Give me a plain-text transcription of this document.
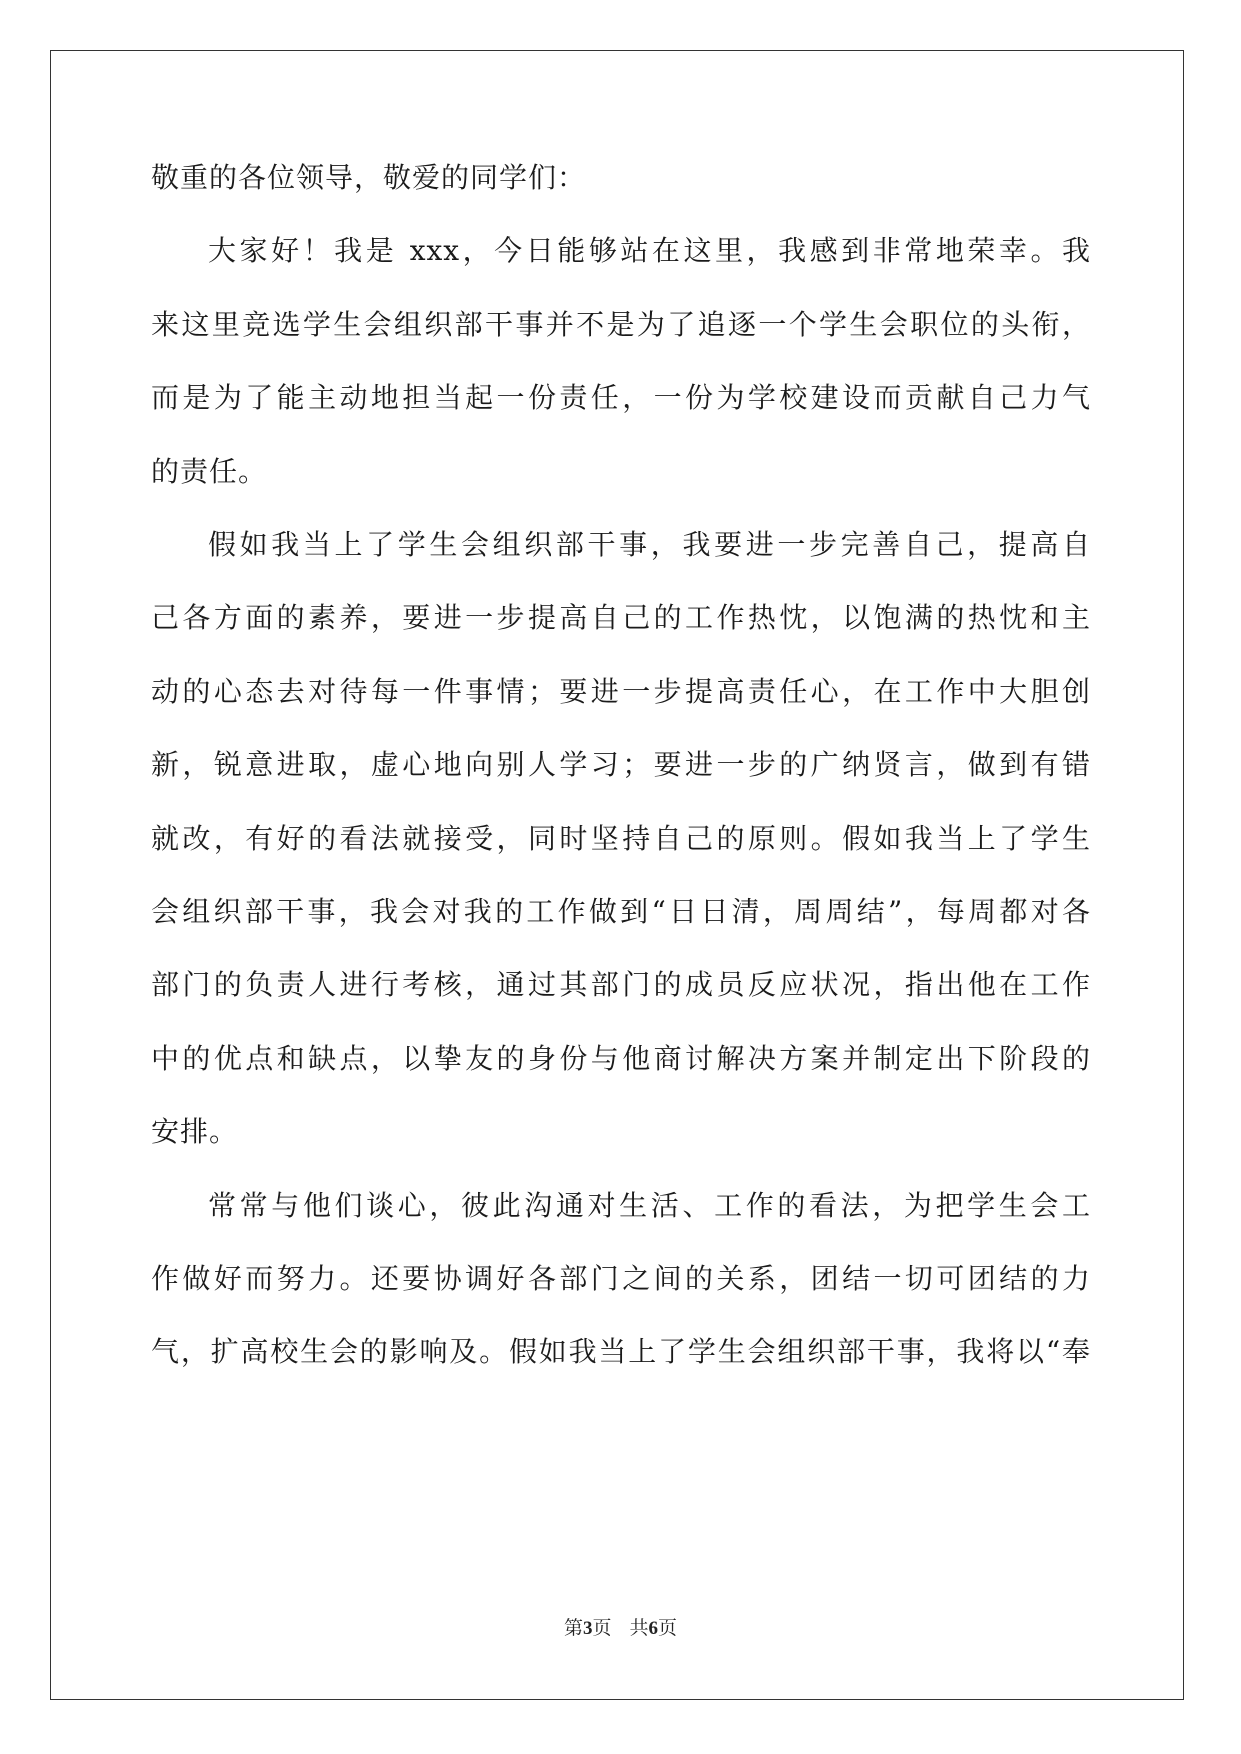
敬重的各位领导，敬爱的同学们：
大家好！我是 xxx，今日能够站在这里，我感到非常地荣幸。我
来这里竞选学生会组织部干事并不是为了追逐一个学生会职位的头衔，
而是为了能主动地担当起一份责任，一份为学校建设而贡献自己力气
的责任。
假如我当上了学生会组织部干事，我要进一步完善自己，提高自
己各方面的素养，要进一步提高自己的工作热忱，以饱满的热忱和主
动的心态去对待每一件事情；要进一步提高责任心，在工作中大胆创
新，锐意进取，虚心地向别人学习；要进一步的广纳贤言，做到有错
就改，有好的看法就接受，同时坚持自己的原则。假如我当上了学生
会组织部干事，我会对我的工作做到“日日清，周周结”，每周都对各
部门的负责人进行考核，通过其部门的成员反应状况，指出他在工作
中的优点和缺点，以挚友的身份与他商讨解决方案并制定出下阶段的
安排。
常常与他们谈心，彼此沟通对生活、工作的看法，为把学生会工
作做好而努力。还要协调好各部门之间的关系，团结一切可团结的力
气，扩高校生会的影响及。假如我当上了学生会组织部干事，我将以“奉
第3页 共6页
